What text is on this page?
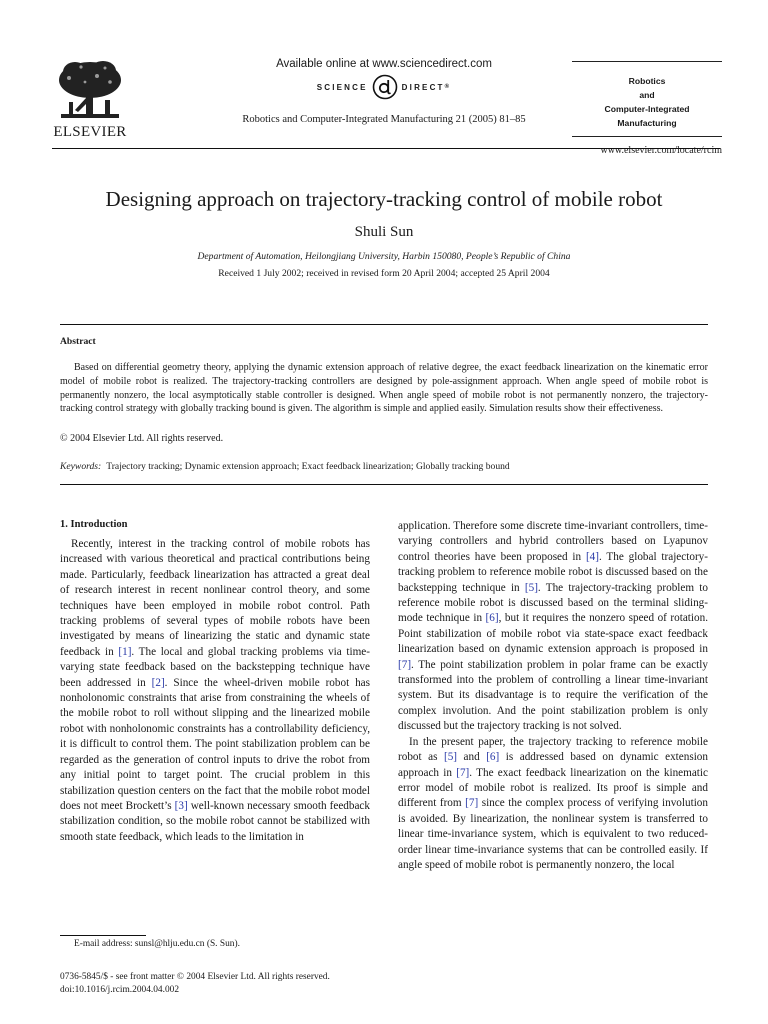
ELSEVIER
Available online at www.sciencedirect.com
SCIENCE	DIRECT ®
Robotics and Computer-Integrated Manufacturing 21 (2005) 81–85
Robotics
and
Computer-Integrated
Manufacturing
www.elsevier.com/locate/rcim
Designing approach on trajectory-tracking control of mobile robot
Shuli Sun
Department of Automation, Heilongjiang University, Harbin 150080, People’s Republic of China
Received 1 July 2002; received in revised form 20 April 2004; accepted 25 April 2004
Abstract
Based on differential geometry theory, applying the dynamic extension approach of relative degree, the exact feedback linearization on the kinematic error model of mobile robot is realized. The trajectory-tracking controllers are designed by pole-assignment approach. When angle speed of mobile robot is permanently nonzero, the local asymptotically stable controller is designed. When angle speed of mobile robot is not permanently nonzero, the trajectory-tracking control strategy with globally tracking bound is given. The algorithm is simple and applied easily. Simulation results show their effectiveness.
© 2004 Elsevier Ltd. All rights reserved.
Keywords: Trajectory tracking; Dynamic extension approach; Exact feedback linearization; Globally tracking bound
1. Introduction

Recently, interest in the tracking control of mobile robots has increased with various theoretical and practical contributions being made. Particularly, feedback linearization has attracted a great deal of research interest in recent nonlinear control theory, and some techniques have been employed in mobile robot control. Path tracking problems of several types of mobile robots have been investigated by means of linearizing the static and dynamic state feedback in [1]. The local and global tracking problems via time-varying state feedback based on the backstepping technique have been addressed in [2]. Since the wheel-driven mobile robot has nonholonomic constraints that arise from constraining the wheels of the mobile robot to roll without slipping and the linearized mobile robot with nonholonomic constraints has a controllability deficiency, it is difficult to control them. The point stabilization problem can be regarded as the generation of control inputs to drive the robot from any initial point to target point. The crucial problem in this stabilization question centers on the fact that the mobile robot model does not meet Brockett’s [3] well-known necessary smooth feedback stabilization condition, so the mobile robot cannot be stabilized with smooth state feedback, which leads to the limitation in

application. Therefore some discrete time-invariant controllers, time-varying controllers and hybrid controllers based on Lyapunov control theories have been proposed in [4]. The global trajectory-tracking problem to reference mobile robot is discussed based on the backstepping technique in [5]. The trajectory-tracking problem to reference mobile robot is discussed based on the terminal sliding-mode technique in [6], but it requires the nonzero speed of rotation. Point stabilization of mobile robot via state-space exact feedback linearization based on dynamic extension approach is proposed in [7]. The point stabilization problem in polar frame can be exactly transformed into the problem of controlling a linear time-invariant system. But its disadvantage is to require the verification of the complex involution. And the point stabilization problem is only discussed but the trajectory tracking is not solved.

In the present paper, the trajectory tracking to reference mobile robot as [5] and [6] is addressed based on dynamic extension approach in [7]. The exact feedback linearization on the kinematic error model of mobile robot is realized. Its proof is simple and different from [7] since the complex process of verifying involution is avoided. By linearization, the nonlinear system is transferred to linear time-invariance system, which is equivalent to two reduced-order linear time-invariance systems that can be controlled easily. If angle speed of mobile robot is permanently nonzero, the local

E-mail address: sunsl@hlju.edu.cn (S. Sun).
0736-5845/$ - see front matter © 2004 Elsevier Ltd. All rights reserved.
doi:10.1016/j.rcim.2004.04.002
